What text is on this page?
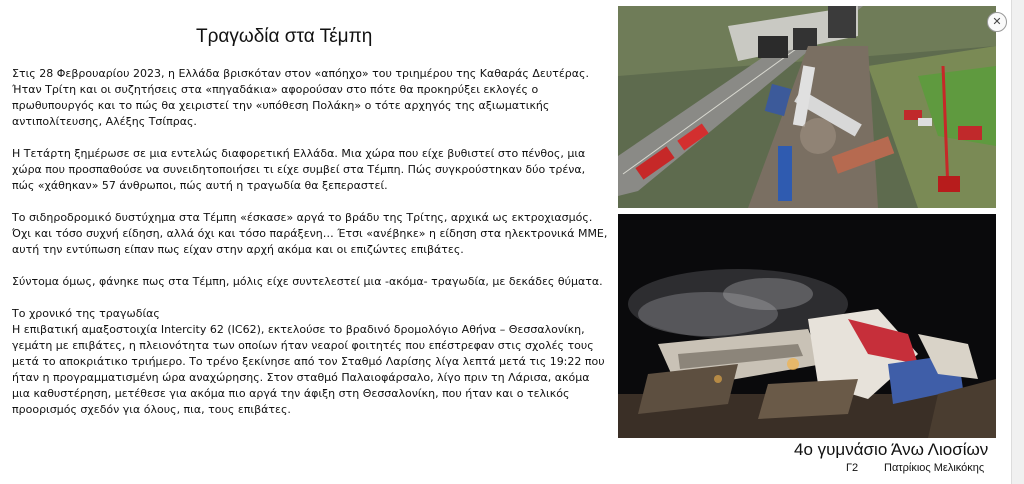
Τραγωδία στα Τέμπη

Στις 28 Φεβρουαρίου 2023, η Ελλάδα βρισκόταν στον «απόηχο» του τριημέρου της Καθαράς Δευτέρας. Ήταν Τρίτη και οι συζητήσεις στα «πηγαδάκια» αφορούσαν στο πότε θα προκηρύξει εκλογές ο πρωθυπουργός και το πώς θα χειριστεί την «υπόθεση Πολάκη» ο τότε αρχηγός της αξιωματικής αντιπολίτευσης, Αλέξης Τσίπρας.

Η Τετάρτη ξημέρωσε σε μια εντελώς διαφορετική Ελλάδα. Μια χώρα που είχε βυθιστεί στο πένθος, μια χώρα που προσπαθούσε να συνειδητοποιήσει τι είχε συμβεί στα Τέμπη. Πώς συγκρούστηκαν δύο τρένα, πώς «χάθηκαν» 57 άνθρωποι, πώς αυτή η τραγωδία θα ξεπεραστεί.

Το σιδηροδρομικό δυστύχημα στα Τέμπη «έσκασε» αργά το βράδυ της Τρίτης, αρχικά ως εκτροχιασμός. Όχι και τόσο συχνή είδηση, αλλά όχι και τόσο παράξενη… Έτσι «ανέβηκε» η είδηση στα ηλεκτρονικά ΜΜΕ, αυτή την εντύπωση είπαν πως είχαν στην αρχή ακόμα και οι επιζώντες επιβάτες.

Σύντομα όμως, φάνηκε πως στα Τέμπη, μόλις είχε συντελεστεί μια -ακόμα- τραγωδία, με δεκάδες θύματα.

Το χρονικό της τραγωδίας

Η επιβατική αμαξοστοιχία Intercity 62 (IC62), εκτελούσε το βραδινό δρομολόγιο Αθήνα – Θεσσαλονίκη, γεμάτη με επιβάτες, η πλειονότητα των οποίων ήταν νεαροί φοιτητές που επέστρεφαν στις σχολές τους μετά το αποκριάτικο τριήμερο. Το τρένο ξεκίνησε από τον Σταθμό Λαρίσης λίγα λεπτά μετά τις 19:22 που ήταν η προγραμματισμένη ώρα αναχώρησης. Στον σταθμό Παλαιοφάρσαλο, λίγο πριν τη Λάρισα, ακόμα μια καθυστέρηση, μετέθεσε για ακόμα πιο αργά την άφιξη στη Θεσσαλονίκη, που ήταν και ο τελικός προορισμός σχεδόν για όλους, πια, τους επιβάτες.

✕
4ο γυμνάσιο Άνω Λιοσίων
Γ2 Πατρίκιος Μελικόκης
